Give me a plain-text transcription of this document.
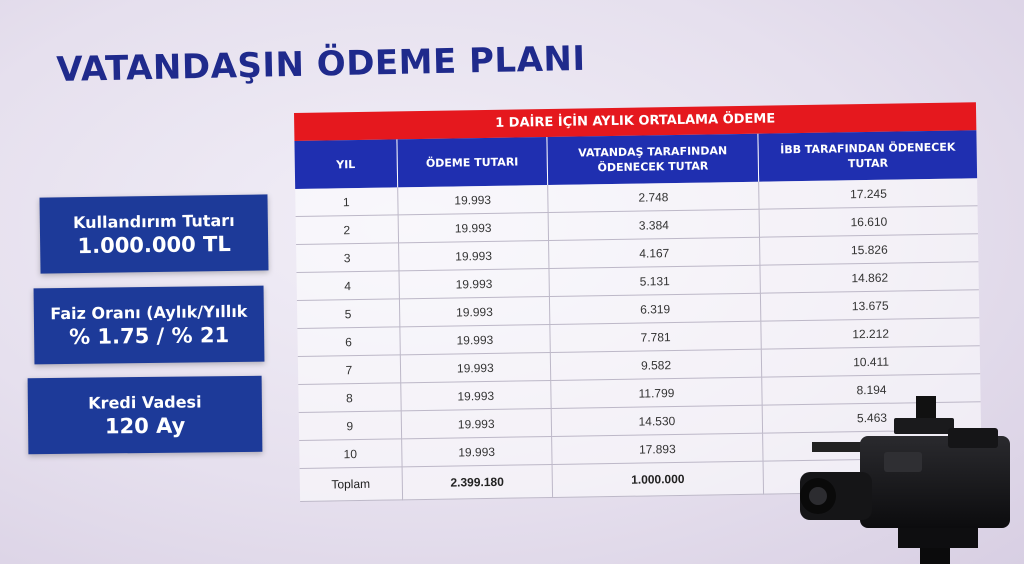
VATANDAŞIN ÖDEME PLANI
Kullandırım Tutarı
1.000.000 TL
Faiz Oranı (Aylık/Yıllık
% 1.75 / % 21
Kredi Vadesi
120 Ay
1 DAİRE İÇİN AYLIK ORTALAMA ÖDEME
YIL	ÖDEME TUTARI	VATANDAŞ TARAFINDAN ÖDENECEK TUTAR	İBB TARAFINDAN ÖDENECEK TUTAR
1	19.993	2.748	17.245
2	19.993	3.384	16.610
3	19.993	4.167	15.826
4	19.993	5.131	14.862
5	19.993	6.319	13.675
6	19.993	7.781	12.212
7	19.993	9.582	10.411
8	19.993	11.799	8.194
9	19.993	14.530	5.463
10	19.993	17.893	
Toplam	2.399.180	1.000.000	
